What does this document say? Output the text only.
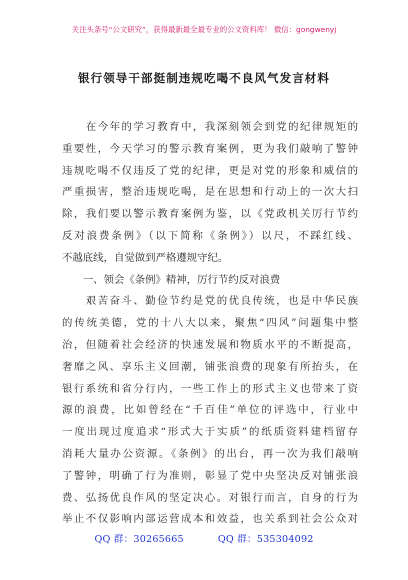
关注头条号“公文研究”，获得最新最全最专业的公文资料库！ 微信：gongwenyj
银行领导干部挺制违规吃喝不良风气发言材料
　　在今年的学习教育中，我深刻领会到党的纪律规矩的
重要性，今天学习的警示教育案例，更为我们敲响了警钟
违规吃喝不仅违反了党的纪律，更是对党的形象和威信的
严重损害，整治违规吃喝，是在思想和行动上的一次大扫
除，我们要以警示教育案例为鉴，以《党政机关厉行节约
反对浪费条例》（以下简称《条例》）以尺，不踩红线、
不越底线，自觉做到严格遵规守纪。
　　一、领会《条例》精神，厉行节约反对浪费
　　艰苦奋斗、勤俭节约是党的优良传统，也是中华民族
的传统美德，党的十八大以来，聚焦“四风”问题集中整
治，但随着社会经济的快速发展和物质水平的不断提高，
奢靡之风、享乐主义回潮，铺张浪费的现象有所抬头，在
银行系统和省分行内，一些工作上的形式主义也带来了资
源的浪费，比如曾经在“千百佳”单位的评选中，行业中
一度出现过度追求“形式大于实质”的纸质资料建档留存
消耗大量办公资源。《条例》的出台，再一次为我们敲响
了警钟，明确了行为准则，彰显了党中央坚决反对铺张浪
费、弘扬优良作风的坚定决心。对银行而言，自身的行为
举止不仅影响内部运营成本和效益，也关系到社会公众对
QQ 群：30265665	QQ 群：535304092
